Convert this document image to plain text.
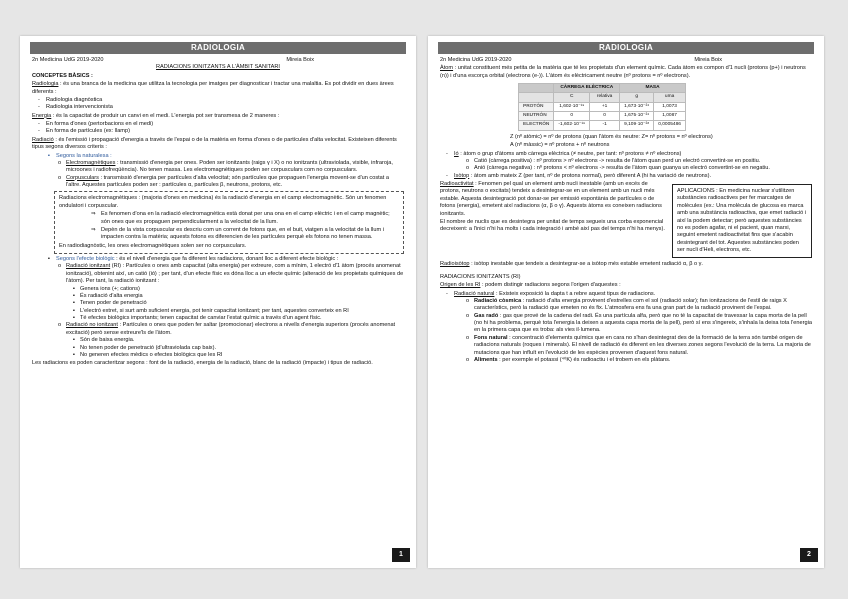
RADIOLOGIA
2n Medicina UdG 2019-2020	Mireia Boix
RADIACIONS IONITZANTS A L'ÀMBIT SANITARI

CONCEPTES BÀSICS :

Radiologia : és una branca de la medicina que utilitza la tecnologia per imatges per diagnosticar i tractar una malaltia. Es pot dividir en dues àrees diferents :

- Radiologia diagnòstica
- Radiologia intervencionista

Energia : és la capacitat de produir un canvi en el medi. L'energia pot ser transmesa de 2 maneres :

- En forma d'ones (pertorbacions en el medi)
- En forma de partícules (ex: llamp)

Radiació : és l'emissió i propagació d'energia a través de l'espai o de la matèria en forma d'ones o de partícules d'alta velocitat. Existeixen diferents tipus segons diversos criteris :

▪ Segons la naturalesa :
o Electromagnètiques : transmissió d'energia per ones. Poden ser ionitzants (raigs γ i X) o no ionitzants (ultraviolada, visible, infraroja, microones i radiofreqüència). No tenen massa. Les electromagnètiques poden ser corpusculars com no corpusculars.
o Corpusculars : transmissió d'energia per partícules d'alta velocitat; són partícules que propaguen l'energia movent-se d'un costat a l'altre. Aquestes partícules poden ser : partícules α, partícules β, neutrons, protons, etc.

Radiacions electromagnètiques : (majoria d'ones en medicina) és la radiació d'energia en el camp electromagnètic. Són un fenomen ondulatori i corpuscular.

⇒ Es fenomen d'ona en la radiació electromagnètica està donat per una ona en el camp elèctric i en el camp magnètic; són ones que es propaguen perpendicularment a la velocitat de la llum.

⇒ Depèn de la vista corpuscular es descriu com un corrent de fotons que, en el buit, viatgen a la velocitat de la llum i impacten contra la matèria; aquests fotons es diferencien de les partícules perquè els fotons no tenen massa.

En radiodiagnòstic, les ones electromagnètiques solen ser no corpusculars.

▪ Segons l'efecte biològic : és el nivell d'energia que fa diferent les radiacions, donant lloc a diferent efecte biològic :
o Radiació ionitzant (RI) : Partícules o ones amb capacitat (alta energia) per extreure, com a mínim, 1 electró d'1 àtom (procés anomenat ionització), obtenint així, un catió (ió) ; per tant, d'un efecte físic es dóna lloc a un efecte químic (alteració de les propietats químiques de l'àtom). Per tant, la radiació ionitzant :
▪ Genera ions (+; cations)
▪ És radiació d'alta energia
▪ Tenen poder de penetració
▪ L'electró extret, si surt amb suficient energia, pot tenir capacitat ionitzant; per tant, aquestes converteix en RI
▪ Té efectes biològics importants; tenen capacitat de canviar l'estat químic a través d'un agent físic.
o Radiació no ionitzant : Partícules o ones que poden fer saltar (promocionar) electrons a nivells d'energia superiors (procés anomenat excitació) però sense extreure'ls de l'àtom.
▪ Són de baixa energia.
▪ No tenen poder de penetració (d'ultraviolada cap baix).
▪ No generen efectes mèdics o efectes biològics que les RI

Les radiacions es poden caracteritzar segons : font de la radiació, energia de la radiació, blanc de la radiació (impacte) i tipus de radiació.

1
RADIOLOGIA
2n Medicina UdG 2019-2020	Mireia Boix

Àtom : unitat constituent més petita de la matèria que té les propietats d'un element químic. Cada àtom es compon d'1 nucli (protons (p+) i neutrons (n)) i d'una escorça orbital (electrons (e-)). L'àtom és elèctricament neutre (nº protons = nº electrons).

	CÀRREGA ELÈCTRICA		MASA	
	C	relativa	g	uma
PROTÓN	1,602·10⁻¹⁹	+1	1,673·10⁻²⁴	1,0073
NEUTRÓN	0	0	1,675·10⁻²⁴	1,0087
ELECTRÓN	-1,602·10⁻¹⁹	-1	9,109·10⁻²⁸	0,0005486

Z (nº atòmic) = nº de protons (quan l'àtom és neutre: Z= nº protons = nº electrons)

A (nº màssic) = nº protons + nº neutrons

- Ió : àtom o grup d'àtoms amb càrrega elèctrica (≠ neutre, per tant: nº protons ≠ nº electrons)
o Catió (càrrega positiva) : nº protons > nº electrons -> resulta de l'àtom quan perd un electró convertint-se en positiu.
o Anió (càrrega negativa) : nº protons < nº electrons -> resulta de l'àtom quan guanya un electró convertint-se en negatiu.
- Isòtop : àtom amb mateix Z (per tant, nº de protons normal), però diferent A (hi ha variació de neutrons).

Radioactivitat : Fenomen pel qual un element amb nucli inestable (amb un excés de protons, neutrons o excitats) tendeix a desintegrar-se en un element amb un nucli més estable. Aquesta desintegració pot donar-se per emissió espontània de partícules o de fotons (energia), emetent així radiacions (α, β o γ). Aquests àtoms es coneixen radiacions ionitzants.

El nombre de nuclis que es desintegra per unitat de temps segueix una corba exponencial decreixent: a l'inici n'hi ha molts i cada integració i ambé així pas del temps n'hi ha menys).

APLICACIONS : En medicina nuclear s'utilitzen substàncies radioactives per fer marcatges de molècules (ex.: Una molècula de glucosa es marca amb una substància radioactiva, que emet radiació i així la podem detectar; però aquestes substàncies no es poden agafar, ni el pacient, quan marxi, seguint emetent radioactivitat fins que s'acabin desintegrant del tot. Aquestes substàncies poden ser nucli d'Heli, electrons, etc.

Radioisòtop : isòtop inestable que tendeix a desintegrar-se a isòtop més estable emetent radiació α, β o γ.

RADIACIONS IONITZANTS (RI)

Origen de les RI : podem distingir radiacions segons l'origen d'aquestes :

- Radiació natural : Existeix exposició la dapta t a rebre aquest tipus de radiacions.
o Radiació còsmica : radiació d'alta energia provinent d'estrelles com el sol (radiació solar); fan ionitzacions de l'estil de raigs X característics, però la radiació que emeten no és fix. L'atmosfera ens fa una gran part de la radiació provinent de l'espai.
o Gas radó : gas que prové de la cadena del radi. És una partícula alfa, però que no té la capacitat de travessar la capa morta de la pell (no hi ha problema, perquè tota l'energia la deixen a aquesta capa morta de la pell), però sí ens s'ingereix, s'inhala la deixa tota l'energia en la primera capa que es troba: als vies il·lumena.
o Fons natural : concentració d'elements químics que en cara no s'han desintegrat des de la formació de la terra són també origen de radiacions naturals (roques i minerals). El nivell de radiació és diferent en les diverses zones segons l'evolució de la terra. La majoria de mutacions que han influït en l'evolució de les espècies provenen d'aquest fons natural.
o Aliments : per exemple el potassi (⁴⁰K) és radioactiu i el trobem en els plàtans.
2
